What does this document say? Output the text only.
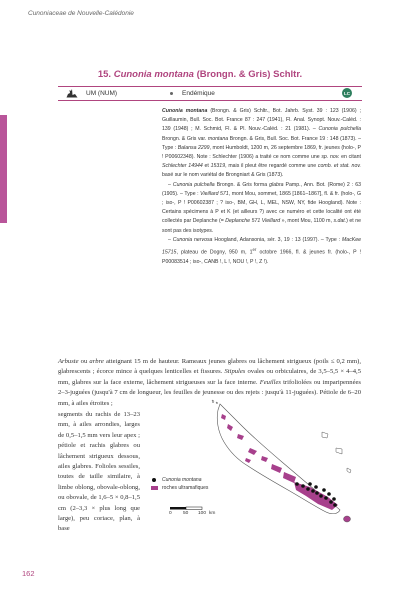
Cunoniaceae de Nouvelle-Calédonie
15. Cunonia montana (Brongn. & Gris) Schltr.
UM (NUM)	Endémique	LC

Cunonia montana (Brongn. & Gris) Schltr., Bot. Jahrb. Syst. 39 : 123 (1906) ; Guillaumin, Bull. Soc. Bot. France 87 : 247 (1941), Fl. Anal. Synopt. Nouv.-Caléd. : 139 (1948) ; M. Schmid, Fl. & Pl. Nouv.-Caléd. : 21 (1981). – Cunonia pulchella Brongn. & Gris var. montana Brongn. & Gris, Bull. Soc. Bot. France 19 : 148 (1873). – Type : Balansa 2299, mont Humboldt, 1200 m, 26 septembre 1869, fr. jeunes (holo-, P ! P00602348). Note : Schlechter (1906) a traité ce nom comme une sp. nov. en citant Schlechter 14944 et 15319, mais il pleut être regardé comme une comb. et stat. nov. basé sur le nom variétal de Brongniart & Gris (1873).

– Cunonia pulchella Brongn. & Gris forma glabra Pamp., Ann. Bot. (Rome) 2 : 63 (1905). – Type : Vieillard 571, mont Mou, sommet, 1865 [1861–1867], fl. & fr. (holo-, G ; iso-, P ! P00602387 ; ? iso-, BM, GH, L, MEL, NSW, NY, fide Hoogland). Note : Certains spécimens à P et K (et ailleurs ?) avec ce numéro et cette localité ont été collectés par Deplanche (= Deplanche 571 Vieillard », mont Mou, 1100 m, s.dat.) et ne sont pas des isotypes.

– Cunonia nervosa Hoogland, Adansonia, sér. 3, 19 : 13 (1997). – Type : MacKee 15715, plateau de Dogny, 950 m, 1er octobre 1966, fl. & jeunes fr. (holo-, P ! P00083514 ; iso-, CANB !, L !, NOU !, P !, Z !).

Arbuste ou arbre atteignant 15 m de hauteur. Rameaux jeunes glabres ou lâchement strigueux (poils ≤ 0,2 mm), glabrescents ; écorce mince à quelques lenticelles et fissures. Stipules ovales ou orbiculaires, de 3,5–5,5 × 4–4,5 mm, glabres sur la face externe, lâchement strigueuses sur la face interne. Feuilles trifoliolées ou imparipennées 2–3-juguées (jusqu'à 7 cm de longueur, les feuilles de jeunesse ou des rejets : jusqu'à 11-juguées). Pétiole de 6–20 mm, à ailes étroites ;

segments du rachis de 13–23 mm, à ailes arrondies, larges de 0,5–1,5 mm vers leur apex ; pétiole et rachis glabres ou lâchement strigueux dessous, ailes glabres. Folioles sessiles, toutes de taille similaire, à limbe oblong, obovale-oblong, ou obovale, de 1,6–5 × 0,8–1,5 cm (2–3,3 × plus long que large), peu coriace, plan, à base

Cunonia montana
roches ultramafiques
0 50 100 km
162
